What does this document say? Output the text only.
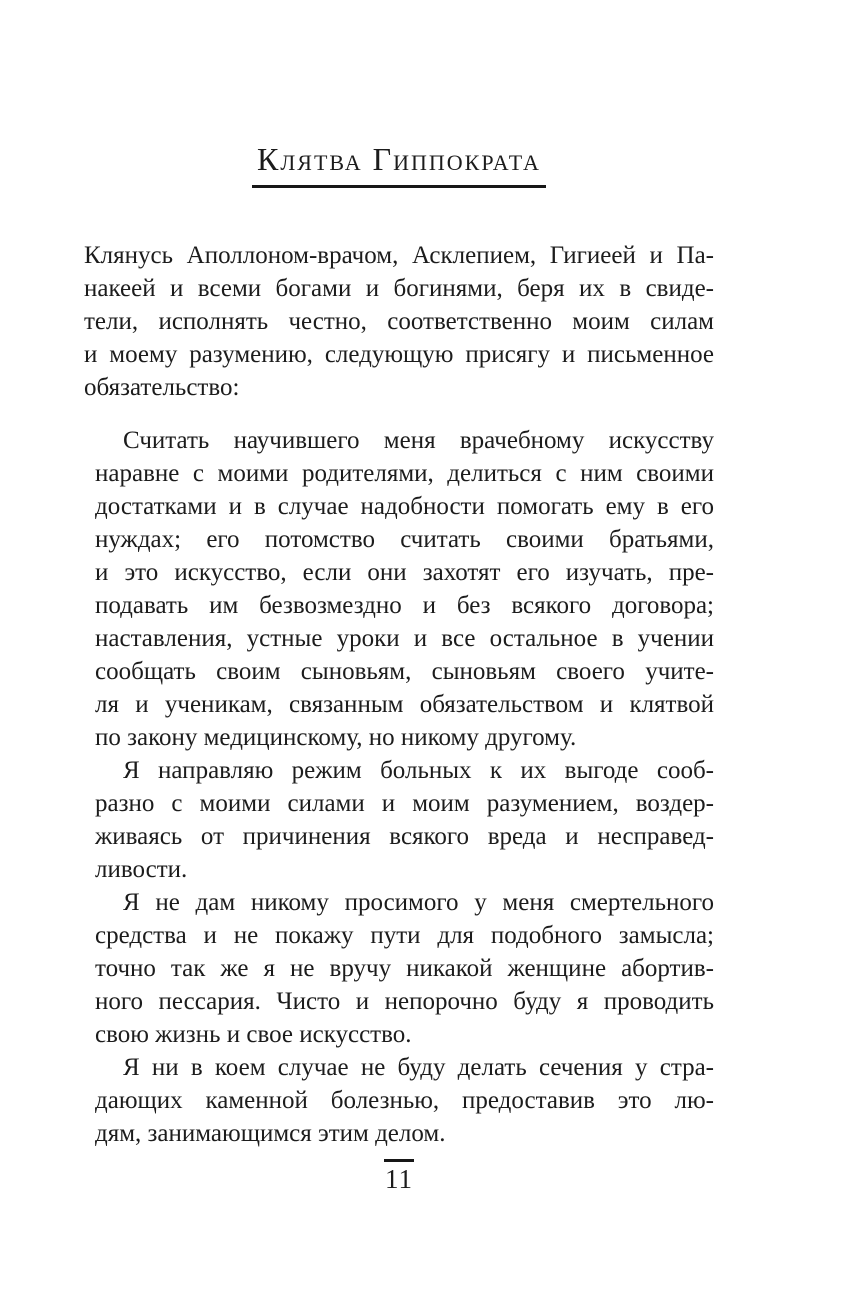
Клятва Гиппократа
Клянусь Аполлоном-врачом, Асклепием, Гигиеей и Па-
накеей и всеми богами и богинями, беря их в свиде-
тели, исполнять честно, соответственно моим силам
и моему разумению, следующую присягу и письменное
обязательство:
Считать научившего меня врачебному искусству
наравне с моими родителями, делиться с ним своими
достатками и в случае надобности помогать ему в его
нуждах; его потомство считать своими братьями,
и это искусство, если они захотят его изучать, пре-
подавать им безвозмездно и без всякого договора;
наставления, устные уроки и все остальное в учении
сообщать своим сыновьям, сыновьям своего учите-
ля и ученикам, связанным обязательством и клятвой
по закону медицинскому, но никому другому.
Я направляю режим больных к их выгоде сооб-
разно с моими силами и моим разумением, воздер-
живаясь от причинения всякого вреда и несправед-
ливости.
Я не дам никому просимого у меня смертельного
средства и не покажу пути для подобного замысла;
точно так же я не вручу никакой женщине абортив-
ного пессария. Чисто и непорочно буду я проводить
свою жизнь и свое искусство.
Я ни в коем случае не буду делать сечения у стра-
дающих каменной болезнью, предоставив это лю-
дям, занимающимся этим делом.
11
